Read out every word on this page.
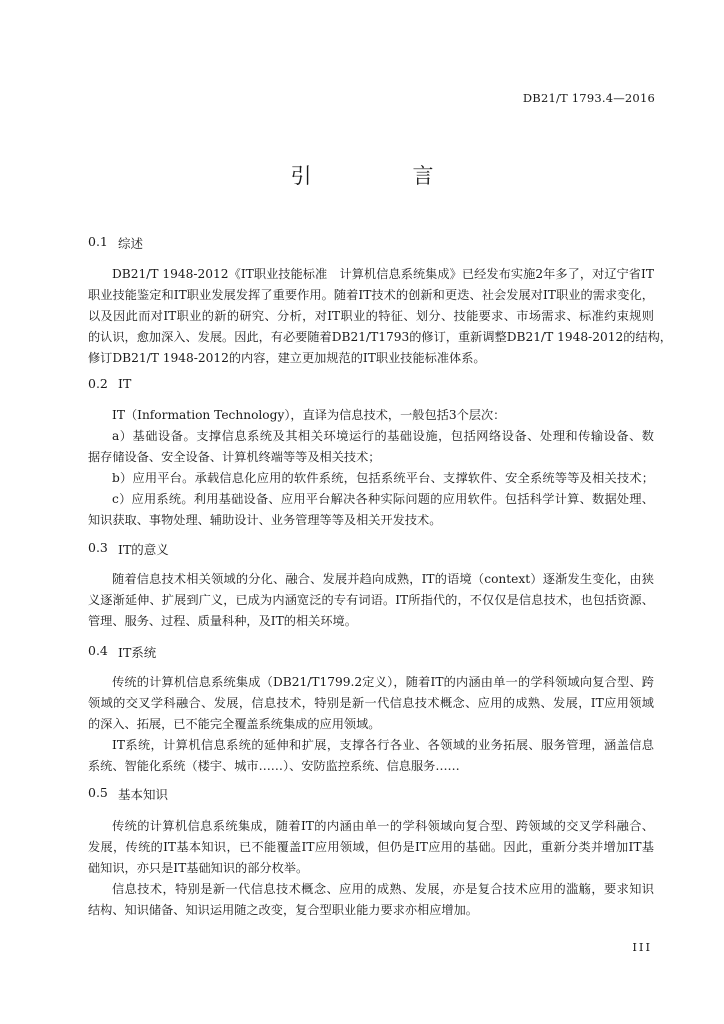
DB21/T 1793.4—2016
引　言
0.1 综述
DB21/T 1948-2012《IT职业技能标准　计算机信息系统集成》已经发布实施2年多了，对辽宁省IT
职业技能鉴定和IT职业发展发挥了重要作用。随着IT技术的创新和更迭、社会发展对IT职业的需求变化，
以及因此而对IT职业的新的研究、分析，对IT职业的特征、划分、技能要求、市场需求、标准约束规则
的认识，愈加深入、发展。因此，有必要随着DB21/T1793的修订，重新调整DB21/T 1948-2012的结构，
修订DB21/T 1948-2012的内容，建立更加规范的IT职业技能标准体系。
0.2 IT
IT（Information Technology），直译为信息技术，一般包括3个层次：
a）基础设备。支撑信息系统及其相关环境运行的基础设施，包括网络设备、处理和传输设备、数
据存储设备、安全设备、计算机终端等等及相关技术；
b）应用平台。承载信息化应用的软件系统，包括系统平台、支撑软件、安全系统等等及相关技术；
c）应用系统。利用基础设备、应用平台解决各种实际问题的应用软件。包括科学计算、数据处理、
知识获取、事物处理、辅助设计、业务管理等等及相关开发技术。
0.3 IT的意义
随着信息技术相关领域的分化、融合、发展并趋向成熟，IT的语境（context）逐渐发生变化，由狭
义逐渐延伸、扩展到广义，已成为内涵宽泛的专有词语。IT所指代的，不仅仅是信息技术，也包括资源、
管理、服务、过程、质量科种，及IT的相关环境。
0.4 IT系统
传统的计算机信息系统集成（DB21/T1799.2定义），随着IT的内涵由单一的学科领域向复合型、跨
领域的交叉学科融合、发展，信息技术，特别是新一代信息技术概念、应用的成熟、发展，IT应用领域
的深入、拓展，已不能完全覆盖系统集成的应用领域。
IT系统，计算机信息系统的延伸和扩展，支撑各行各业、各领域的业务拓展、服务管理，涵盖信息
系统、智能化系统（楼宇、城市……）、安防监控系统、信息服务……
0.5 基本知识
传统的计算机信息系统集成，随着IT的内涵由单一的学科领域向复合型、跨领域的交叉学科融合、
发展，传统的IT基本知识，已不能覆盖IT应用领域，但仍是IT应用的基础。因此，重新分类并增加IT基
础知识，亦只是IT基础知识的部分枚举。
信息技术，特别是新一代信息技术概念、应用的成熟、发展，亦是复合技术应用的滥觞，要求知识
结构、知识储备、知识运用随之改变，复合型职业能力要求亦相应增加。
III
